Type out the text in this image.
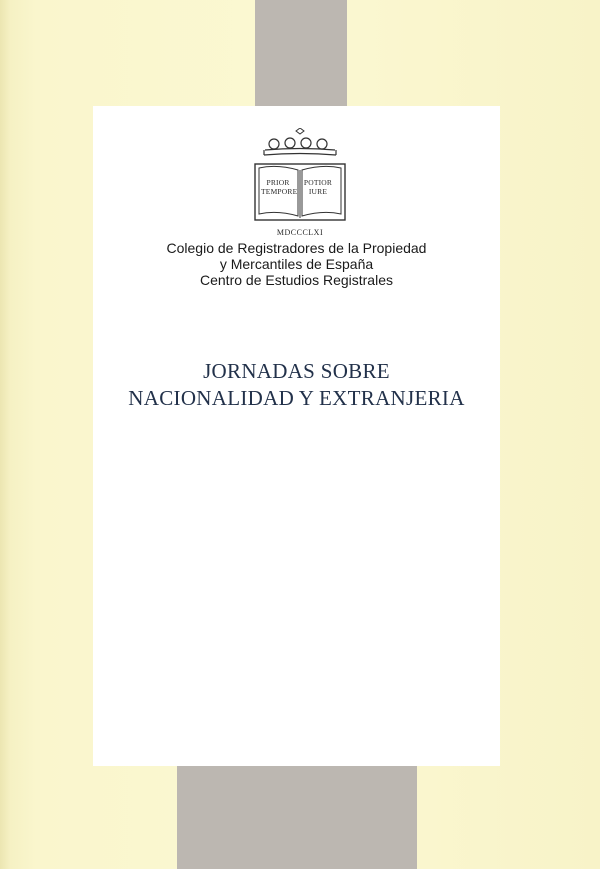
PRIOR
TEMPORE
POTIOR
IURE
MDCCCLXI
Colegio de Registradores de la Propiedad
y Mercantiles de España
Centro de Estudios Registrales
JORNADAS SOBRE
NACIONALIDAD Y EXTRANJERIA
